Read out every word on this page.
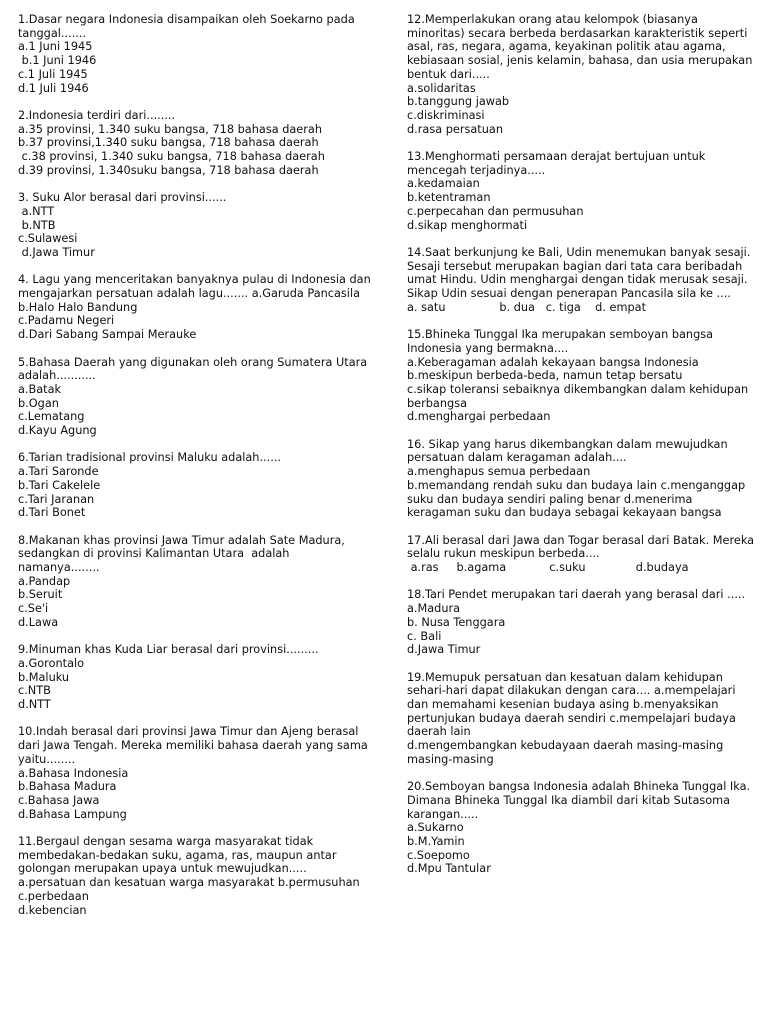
1.Dasar negara Indonesia disampaikan oleh Soekarno pada
tanggal.......
a.1 Juni 1945
b.1 Juni 1946
c.1 Juli 1945
d.1 Juli 1946
2.Indonesia terdiri dari........
a.35 provinsi, 1.340 suku bangsa, 718 bahasa daerah
b.37 provinsi,1.340 suku bangsa, 718 bahasa daerah
c.38 provinsi, 1.340 suku bangsa, 718 bahasa daerah
d.39 provinsi, 1.340suku bangsa, 718 bahasa daerah
3. Suku Alor berasal dari provinsi......
a.NTT
b.NTB
c.Sulawesi
d.Jawa Timur
4. Lagu yang menceritakan banyaknya pulau di Indonesia dan
mengajarkan persatuan adalah lagu....... a.Garuda Pancasila
b.Halo Halo Bandung
c.Padamu Negeri
d.Dari Sabang Sampai Merauke
5.Bahasa Daerah yang digunakan oleh orang Sumatera Utara
adalah...........
a.Batak
b.Ogan
c.Lematang
d.Kayu Agung
6.Tarian tradisional provinsi Maluku adalah......
a.Tari Saronde
b.Tari Cakelele
c.Tari Jaranan
d.Tari Bonet
8.Makanan khas provinsi Jawa Timur adalah Sate Madura,
sedangkan di provinsi Kalimantan Utara  adalah
namanya........
a.Pandap
b.Seruit
c.Se'i
d.Lawa
9.Minuman khas Kuda Liar berasal dari provinsi.........
a.Gorontalo
b.Maluku
c.NTB
d.NTT
10.Indah berasal dari provinsi Jawa Timur dan Ajeng berasal
dari Jawa Tengah. Mereka memiliki bahasa daerah yang sama
yaitu........
a.Bahasa Indonesia
b.Bahasa Madura
c.Bahasa Jawa
d.Bahasa Lampung
11.Bergaul dengan sesama warga masyarakat tidak
membedakan-bedakan suku, agama, ras, maupun antar
golongan merupakan upaya untuk mewujudkan.....
a.persatuan dan kesatuan warga masyarakat b.permusuhan
c.perbedaan
d.kebencian
12.Memperlakukan orang atau kelompok (biasanya
minoritas) secara berbeda berdasarkan karakteristik seperti
asal, ras, negara, agama, keyakinan politik atau agama,
kebiasaan sosial, jenis kelamin, bahasa, dan usia merupakan
bentuk dari.....
a.solidaritas
b.tanggung jawab
c.diskriminasi
d.rasa persatuan
13.Menghormati persamaan derajat bertujuan untuk
mencegah terjadinya.....
a.kedamaian
b.ketentraman
c.perpecahan dan permusuhan
d.sikap menghormati
14.Saat berkunjung ke Bali, Udin menemukan banyak sesaji.
Sesaji tersebut merupakan bagian dari tata cara beribadah
umat Hindu. Udin menghargai dengan tidak merusak sesaji.
Sikap Udin sesuai dengan penerapan Pancasila sila ke ....
a. satu               b. dua   c. tiga    d. empat
15.Bhineka Tunggal Ika merupakan semboyan bangsa
Indonesia yang bermakna....
a.Keberagaman adalah kekayaan bangsa Indonesia
b.meskipun berbeda-beda, namun tetap bersatu
c.sikap toleransi sebaiknya dikembangkan dalam kehidupan
berbangsa
d.menghargai perbedaan
16. Sikap yang harus dikembangkan dalam mewujudkan
persatuan dalam keragaman adalah....
a.menghapus semua perbedaan
b.memandang rendah suku dan budaya lain c.menganggap
suku dan budaya sendiri paling benar d.menerima
keragaman suku dan budaya sebagai kekayaan bangsa
17.Ali berasal dari Jawa dan Togar berasal dari Batak. Mereka
selalu rukun meskipun berbeda....
a.ras     b.agama            c.suku              d.budaya
18.Tari Pendet merupakan tari daerah yang berasal dari .....
a.Madura
b. Nusa Tenggara
c. Bali
d.Jawa Timur
19.Memupuk persatuan dan kesatuan dalam kehidupan
sehari-hari dapat dilakukan dengan cara.... a.mempelajari
dan memahami kesenian budaya asing b.menyaksikan
pertunjukan budaya daerah sendiri c.mempelajari budaya
daerah lain
d.mengembangkan kebudayaan daerah masing-masing
masing-masing
20.Semboyan bangsa Indonesia adalah Bhineka Tunggal Ika.
Dimana Bhineka Tunggal Ika diambil dari kitab Sutasoma
karangan.....
a.Sukarno
b.M.Yamin
c.Soepomo
d.Mpu Tantular
